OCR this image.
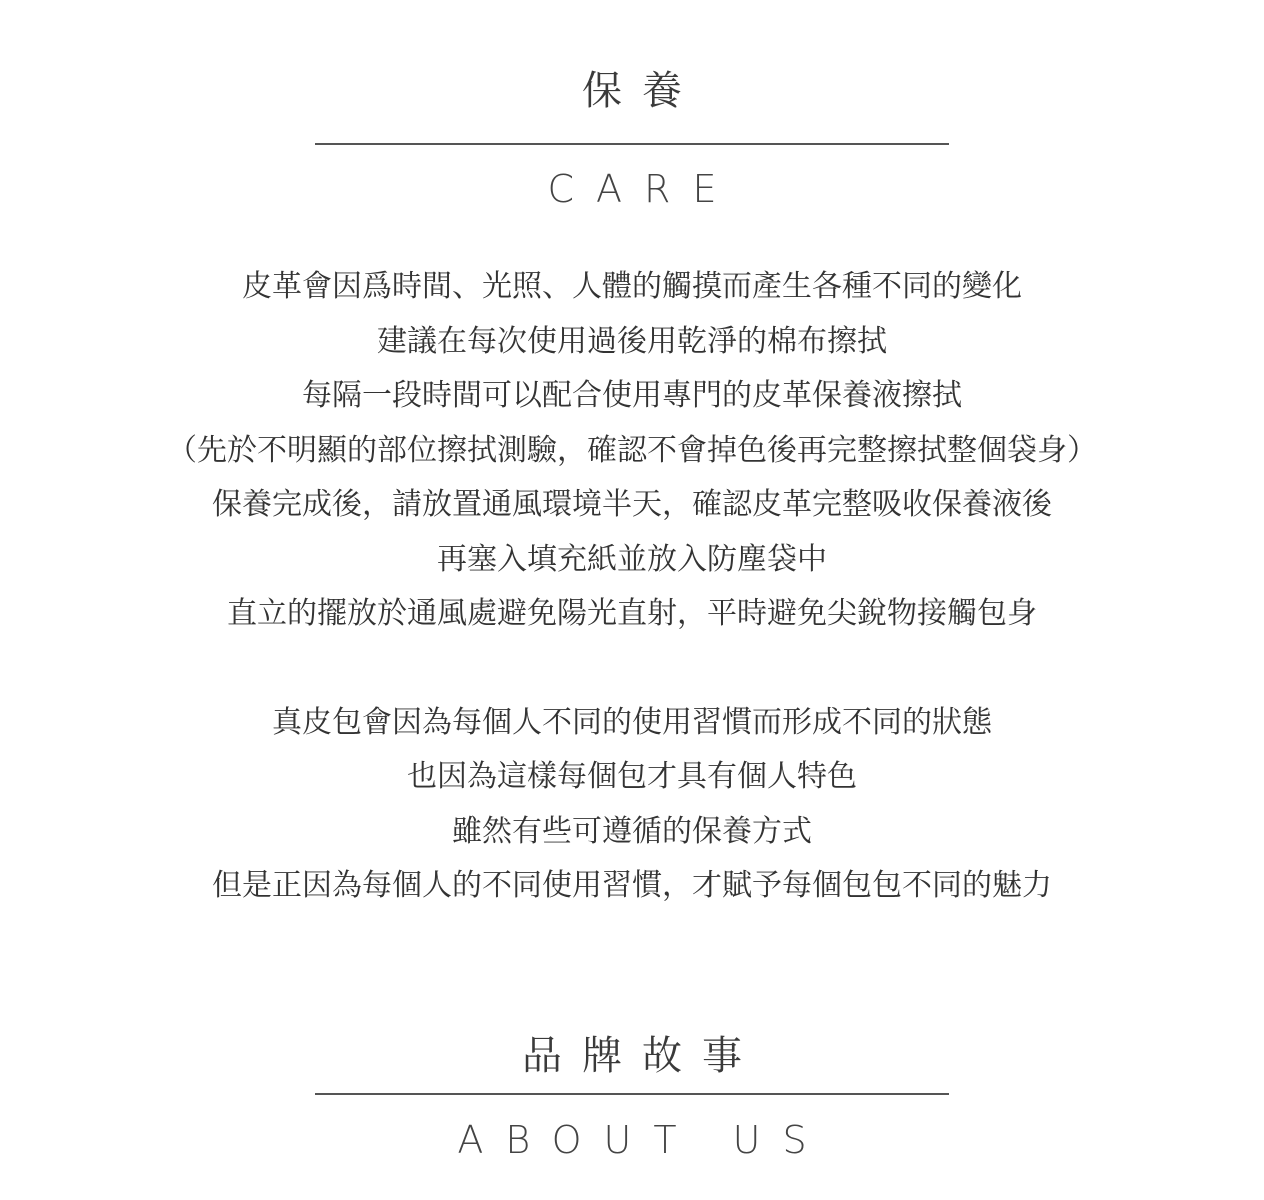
保養
CARE

皮革會因爲時間、光照、人體的觸摸而產生各種不同的變化

建議在每次使用過後用乾淨的棉布擦拭

每隔一段時間可以配合使用專門的皮革保養液擦拭

（先於不明顯的部位擦拭測驗，確認不會掉色後再完整擦拭整個袋身）

保養完成後，請放置通風環境半天，確認皮革完整吸收保養液後

再塞入填充紙並放入防塵袋中

直立的擺放於通風處避免陽光直射，平時避免尖銳物接觸包身

真皮包會因為每個人不同的使用習慣而形成不同的狀態

也因為這樣每個包才具有個人特色

雖然有些可遵循的保養方式

但是正因為每個人的不同使用習慣，才賦予每個包包不同的魅力

品牌故事
ABOUT US
